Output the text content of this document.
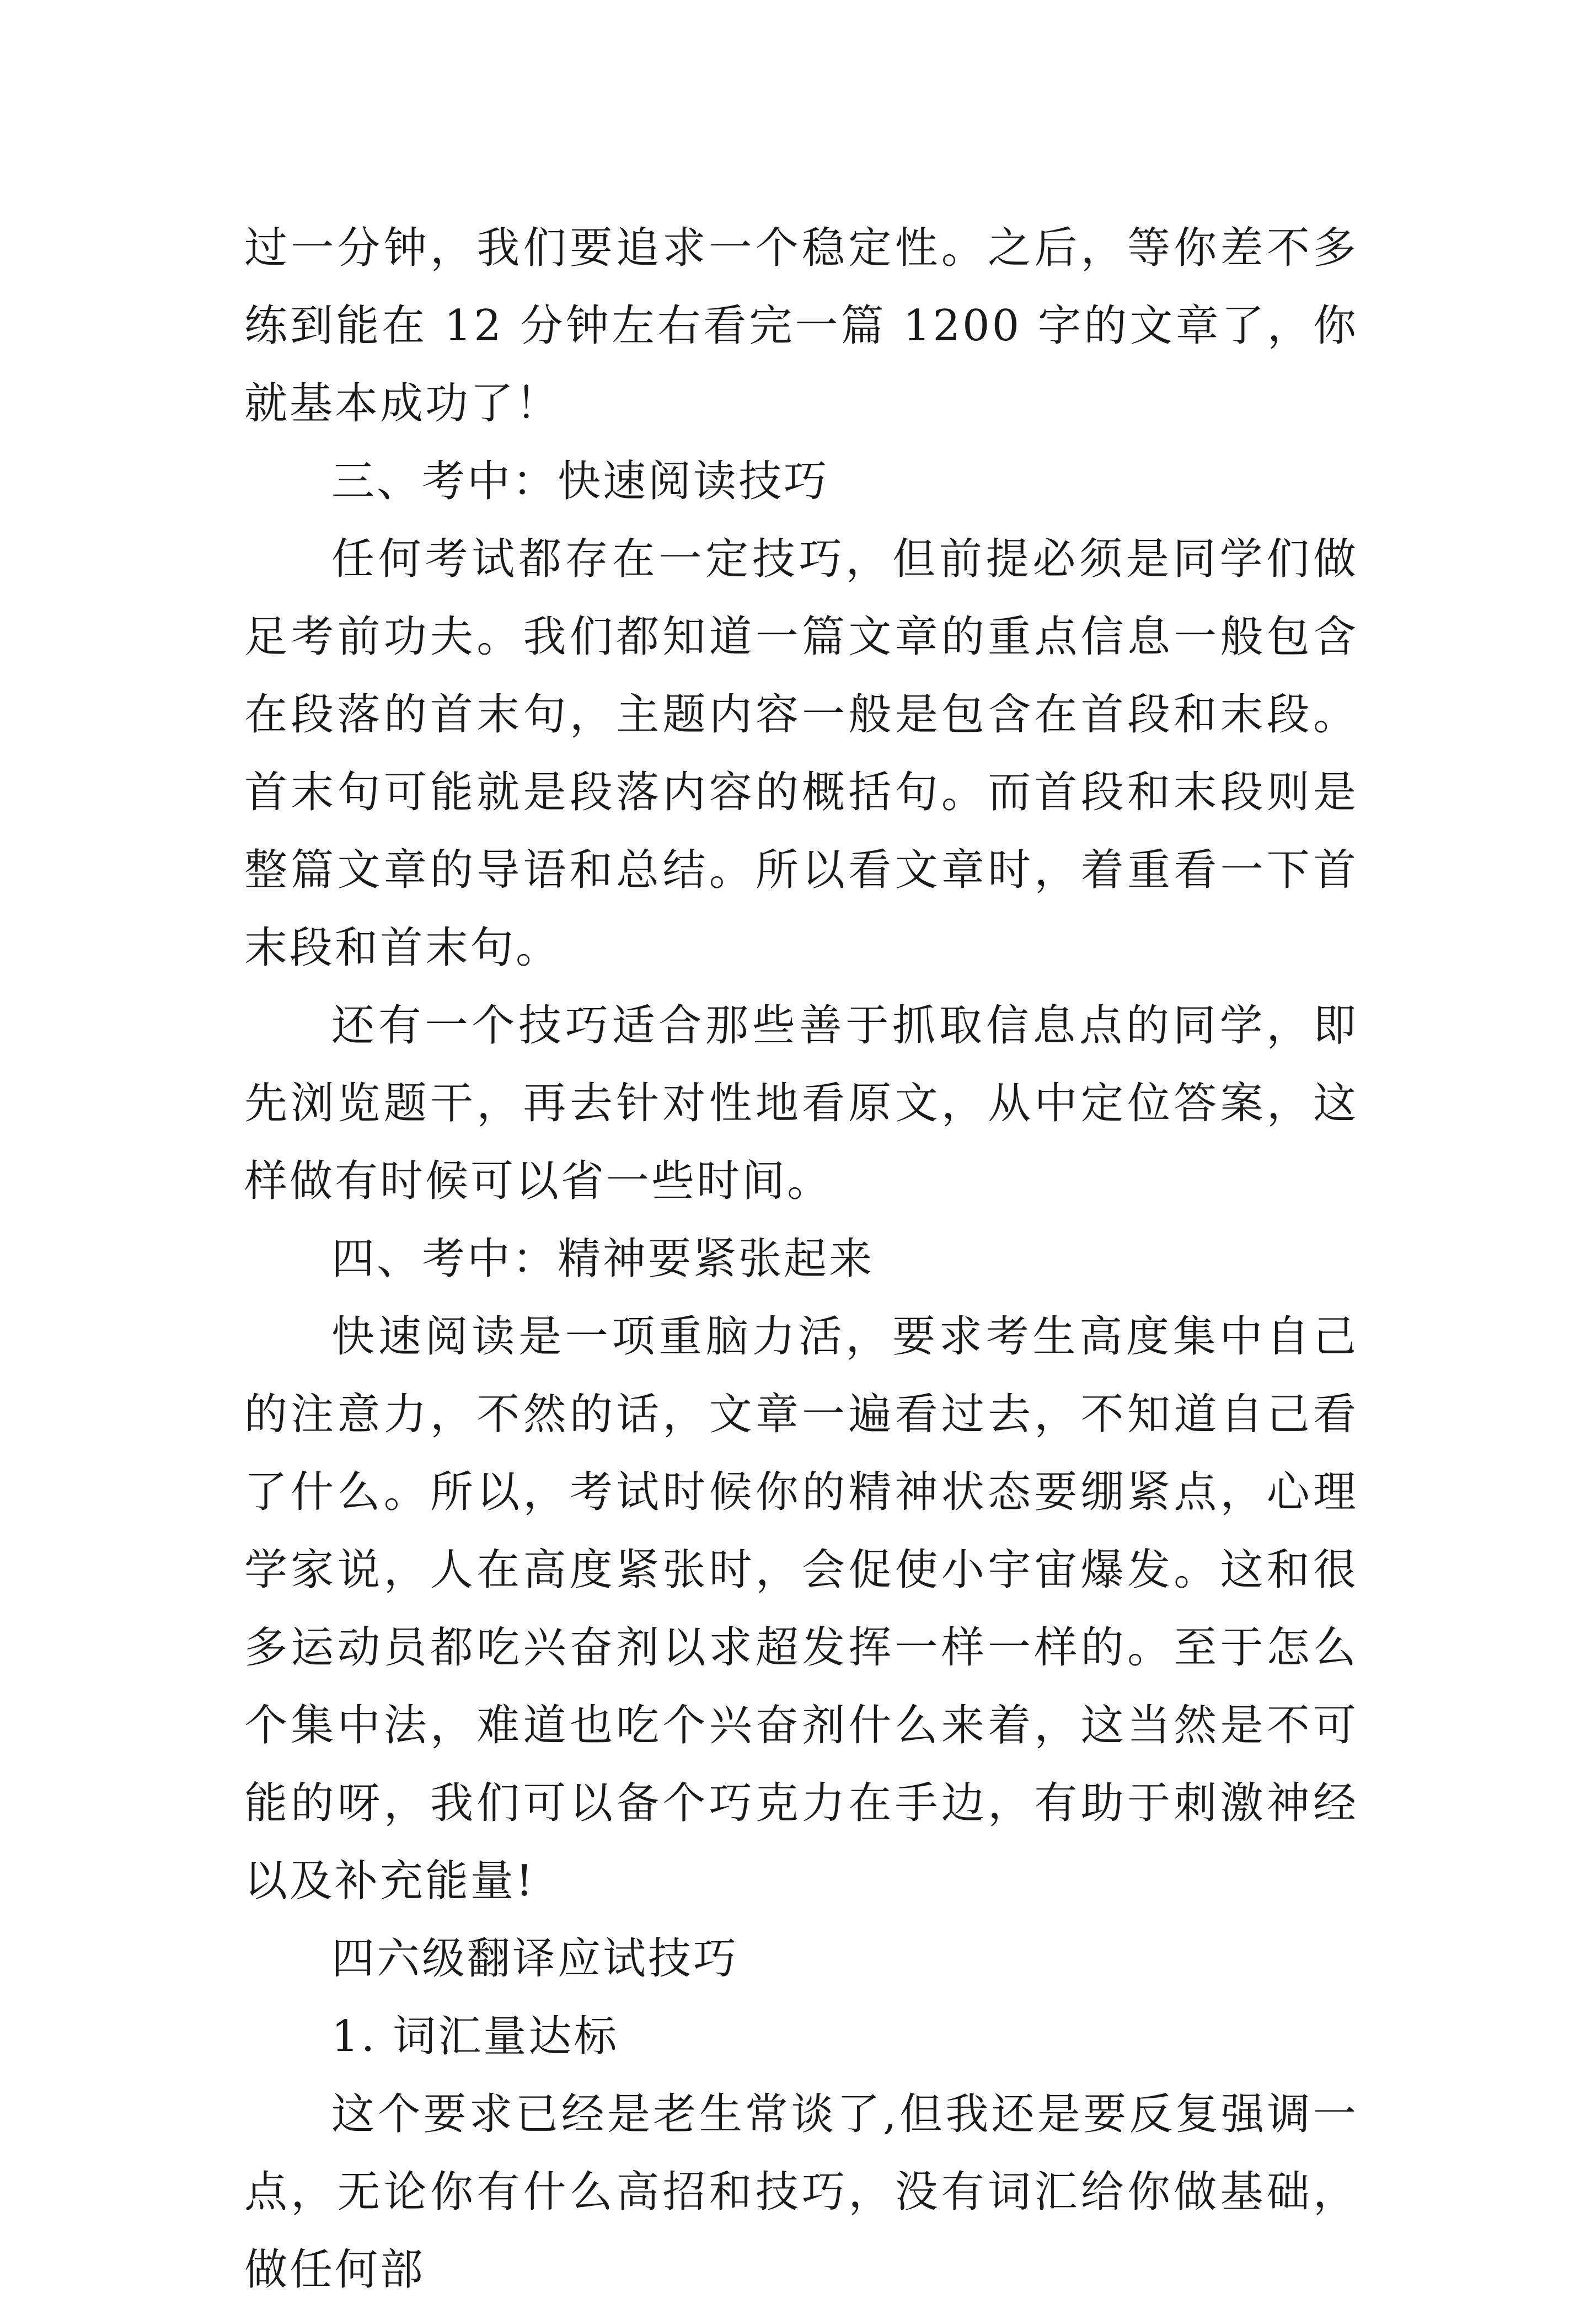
过一分钟，我们要追求一个稳定性。之后，等你差不多练到能在 12 分钟左右看完一篇 1200 字的文章了，你就基本成功了！

三、考中：快速阅读技巧

任何考试都存在一定技巧，但前提必须是同学们做足考前功夫。我们都知道一篇文章的重点信息一般包含在段落的首末句，主题内容一般是包含在首段和末段。首末句可能就是段落内容的概括句。而首段和末段则是整篇文章的导语和总结。所以看文章时，着重看一下首末段和首末句。

还有一个技巧适合那些善于抓取信息点的同学，即先浏览题干，再去针对性地看原文，从中定位答案，这样做有时候可以省一些时间。

四、考中：精神要紧张起来

快速阅读是一项重脑力活，要求考生高度集中自己的注意力，不然的话，文章一遍看过去，不知道自己看了什么。所以，考试时候你的精神状态要绷紧点，心理学家说，人在高度紧张时，会促使小宇宙爆发。这和很多运动员都吃兴奋剂以求超发挥一样一样的。至于怎么个集中法，难道也吃个兴奋剂什么来着，这当然是不可能的呀，我们可以备个巧克力在手边，有助于刺激神经以及补充能量!

四六级翻译应试技巧

1. 词汇量达标

这个要求已经是老生常谈了,但我还是要反复强调一点，无论你有什么高招和技巧，没有词汇给你做基础，做任何部
